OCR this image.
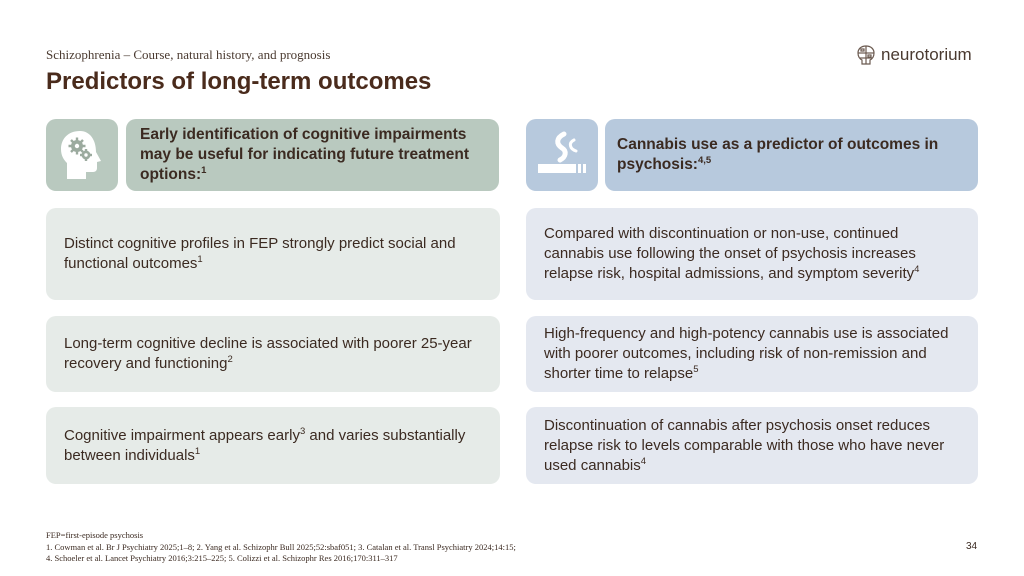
Schizophrenia – Course, natural history, and prognosis
Predictors of long-term outcomes
neurotorium
Early identification of cognitive impairments may be useful for indicating future treatment options:$^1$
Distinct cognitive profiles in FEP strongly predict social and functional outcomes$^1$
Long-term cognitive decline is associated with poorer 25-year recovery and functioning$^2$
Cognitive impairment appears early$^3$ and varies substantially between individuals$^1$
Cannabis use as a predictor of outcomes in psychosis:$^{4,5}$
Compared with discontinuation or non-use, continued cannabis use following the onset of psychosis increases relapse risk, hospital admissions, and symptom severity$^4$
High-frequency and high-potency cannabis use is associated with poorer outcomes, including risk of non-remission and shorter time to relapse$^5$
Discontinuation of cannabis after psychosis onset reduces relapse risk to levels comparable with those who have never used cannabis$^4$
FEP=first-episode psychosis
1. Cowman et al. Br J Psychiatry 2025;1–8; 2. Yang et al. Schizophr Bull 2025;52:sbaf051; 3. Catalan et al. Transl Psychiatry 2024;14:15;
4. Schoeler et al. Lancet Psychiatry 2016;3:215–225; 5. Colizzi et al. Schizophr Res 2016;170:311–317
34
